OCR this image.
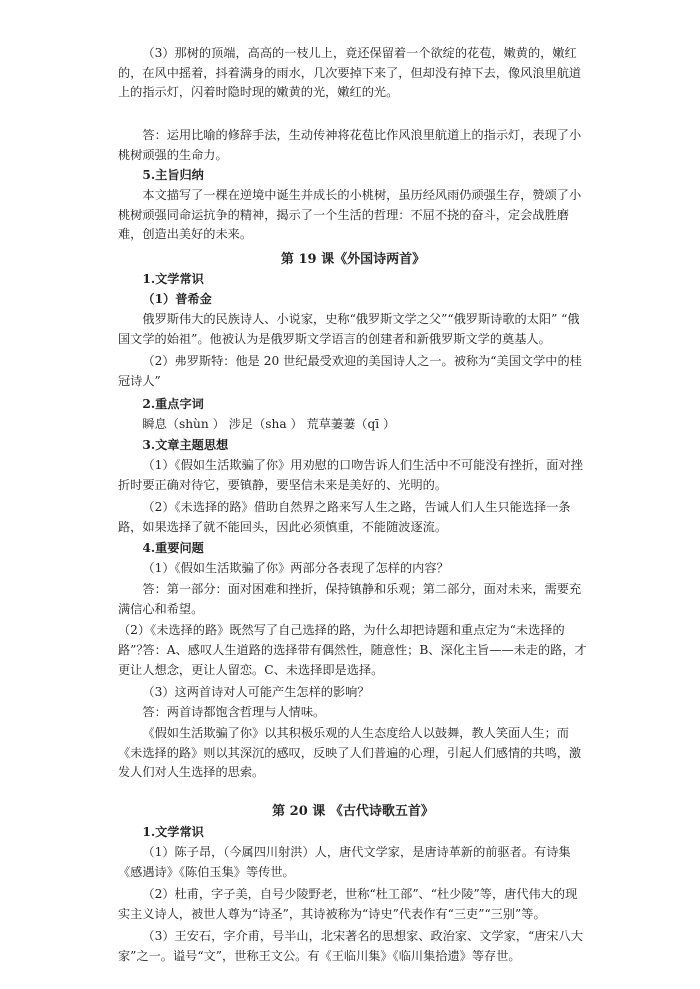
（3）那树的顶端，高高的一枝儿上，竟还保留着一个欲绽的花苞，嫩黄的，嫩红的，在风中摇着，抖着满身的雨水，几次要掉下来了，但却没有掉下去，像风浪里航道上的指示灯，闪着时隐时现的嫩黄的光，嫩红的光。

答：运用比喻的修辞手法，生动传神将花苞比作风浪里航道上的指示灯，表现了小桃树顽强的生命力。

5.主旨归纳

本文描写了一棵在逆境中诞生并成长的小桃树，虽历经风雨仍顽强生存，赞颂了小桃树顽强同命运抗争的精神，揭示了一个生活的哲理：不屈不挠的奋斗，定会战胜磨难，创造出美好的未来。

第 19 课《外国诗两首》

1.文学常识

（1）普希金

俄罗斯伟大的民族诗人、小说家，史称“俄罗斯文学之父”“俄罗斯诗歌的太阳” “俄国文学的始祖”。他被认为是俄罗斯文学语言的创建者和新俄罗斯文学的奠基人。

（2）弗罗斯特：他是 20 世纪最受欢迎的美国诗人之一。被称为“美国文学中的桂冠诗人”

2.重点字词

瞬息（shùn ） 涉足（sha ） 荒草萋萋（qī ）

3.文章主题思想

（1）《假如生活欺骗了你》用劝慰的口吻告诉人们生活中不可能没有挫折，面对挫折时要正确对待它，要镇静，要坚信未来是美好的、光明的。

（2）《未选择的路》借助自然界之路来写人生之路，告诫人们人生只能选择一条路，如果选择了就不能回头，因此必须慎重，不能随波逐流。

4.重要问题

（1）《假如生活欺骗了你》两部分各表现了怎样的内容？

答：第一部分：面对困难和挫折，保持镇静和乐观；第二部分，面对未来，需要充满信心和希望。

（2）《未选择的路》既然写了自己选择的路，为什么却把诗题和重点定为“未选择的路”？

答：A、感叹人生道路的选择带有偶然性，随意性；B、深化主旨——未走的路，才更让人想念，更让人留恋。C、未选择即是选择。

（3）这两首诗对人可能产生怎样的影响？

答：两首诗都饱含哲理与人情味。

《假如生活欺骗了你》以其积极乐观的人生态度给人以鼓舞，教人笑面人生；而《未选择的路》则以其深沉的感叹，反映了人们普遍的心理，引起人们感情的共鸣，激发人们对人生选择的思索。

第 20 课 《古代诗歌五首》

1.文学常识

（1）陈子昂，（今属四川射洪）人，唐代文学家，是唐诗革新的前驱者。有诗集《感遇诗》《陈伯玉集》等传世。

（2）杜甫，字子美，自号少陵野老，世称“杜工部”、“杜少陵”等，唐代伟大的现实主义诗人，被世人尊为“诗圣”，其诗被称为“诗史”代表作有“三吏”“三别”等。

（3）王安石，字介甫，号半山，北宋著名的思想家、政治家、文学家，“唐宋八大家”之一。谥号“文”，世称王文公。有《王临川集》《临川集拾遗》等存世。
